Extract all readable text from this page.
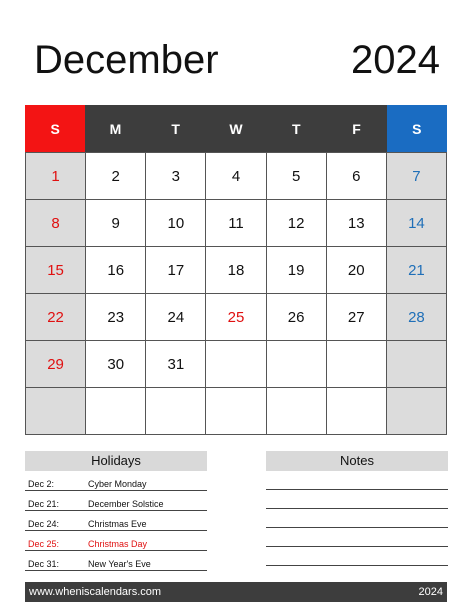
December	2024
S	M	T	W	T	F	S
1	2	3	4	5	6	7
8	9	10	11	12	13	14
15	16	17	18	19	20	21
22	23	24	25	26	27	28
29	30	31
Holidays
Dec 2:	Cyber Monday
Dec 21:	December Solstice
Dec 24:	Christmas Eve
Dec 25:	Christmas Day
Dec 31:	New Year's Eve
Notes
www.wheniscalendars.com	2024
